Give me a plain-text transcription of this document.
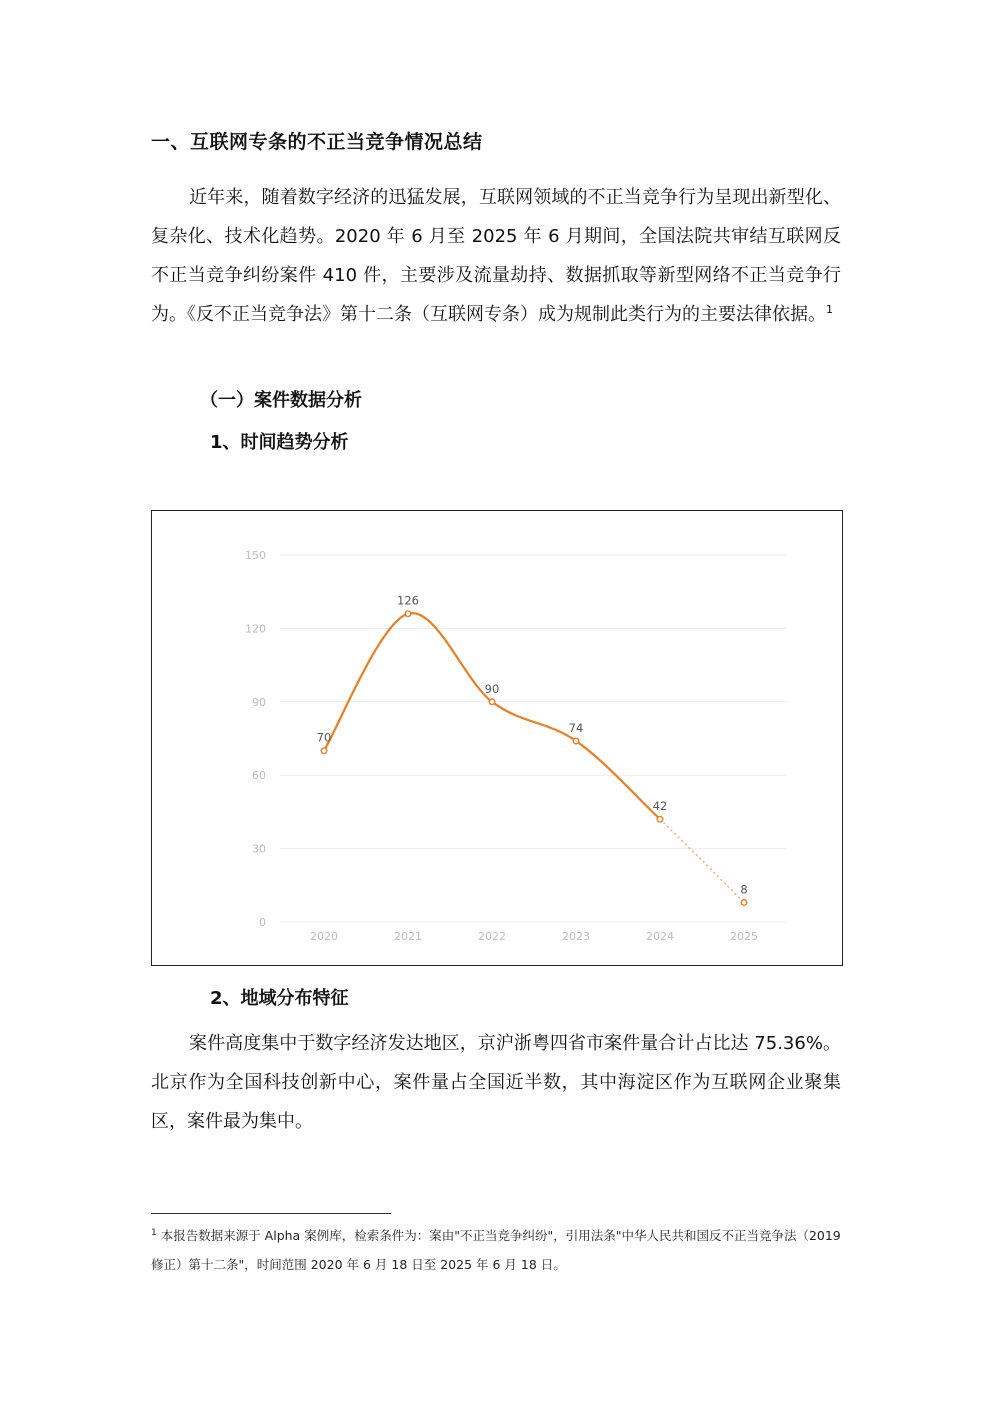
一、互联网专条的不正当竞争情况总结
近年来，随着数字经济的迅猛发展，互联网领域的不正当竞争行为呈现出新型化、复杂化、技术化趋势。2020 年 6 月至 2025 年 6 月期间，全国法院共审结互联网反不正当竞争纠纷案件 410 件，主要涉及流量劫持、数据抓取等新型网络不正当竞争行为。《反不正当竞争法》第十二条（互联网专条）成为规制此类行为的主要法律依据。$^1$
（一）案件数据分析
1、时间趋势分析
0
30
60
90
120
150
2020	2021	2022	2023	2024	2025
70
126
90
74
42
8
2、地域分布特征
案件高度集中于数字经济发达地区，京沪浙粤四省市案件量合计占比达 75.36%。北京作为全国科技创新中心，案件量占全国近半数，其中海淀区作为互联网企业聚集区，案件最为集中。
$^1$ 本报告数据来源于 Alpha 案例库，检索条件为：案由"不正当竞争纠纷"，引用法条"中华人民共和国反不正当竞争法（2019 修正）第十二条"，时间范围 2020 年 6 月 18 日至 2025 年 6 月 18 日。
